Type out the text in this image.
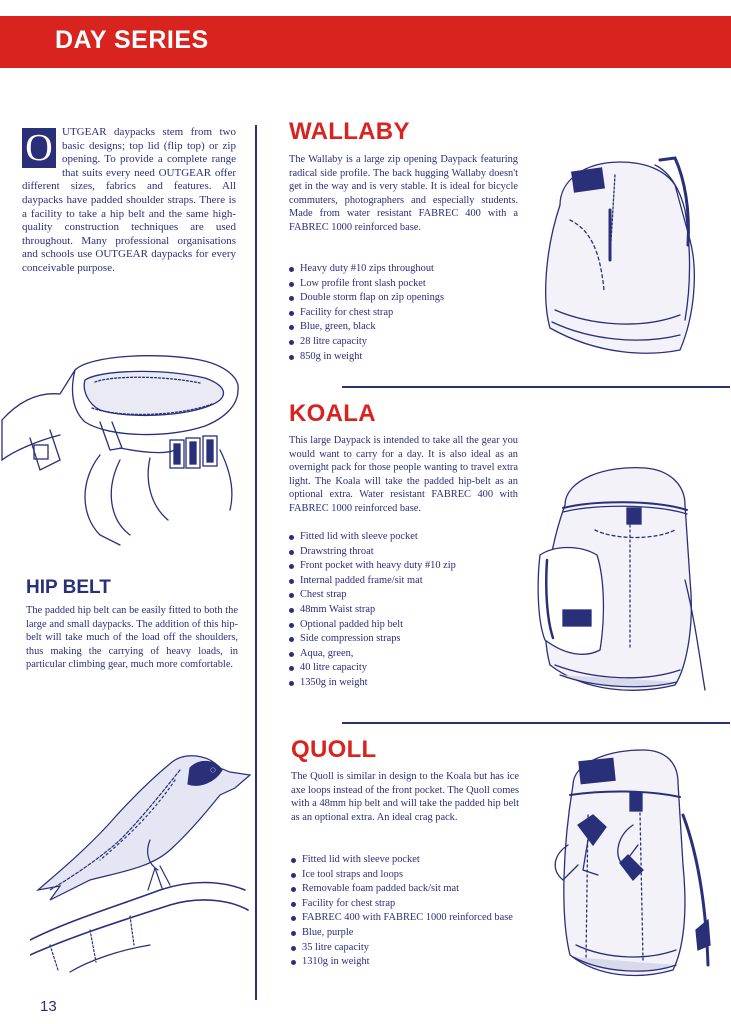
DAY SERIES
O UTGEAR daypacks stem from two basic designs; top lid (flip top) or zip opening. To provide a complete range that suits every need OUTGEAR offer different sizes, fabrics and features. All daypacks have padded shoulder straps. There is a facility to take a hip belt and the same high-quality construction techniques are used throughout. Many professional organisations and schools use OUTGEAR daypacks for every conceivable purpose.
HIP BELT
The padded hip belt can be easily fitted to both the large and small daypacks. The addition of this hip-belt will take much of the load off the shoulders, thus making the carrying of heavy loads, in particular climbing gear, much more comfortable.
WALLABY
The Wallaby is a large zip opening Daypack featuring radical side profile. The back hugging Wallaby doesn't get in the way and is very stable. It is ideal for bicycle commuters, photographers and especially students. Made from water resistant FABREC 400 with a FABREC 1000 reinforced base.
Heavy duty #10 zips throughout
Low profile front slash pocket
Double storm flap on zip openings
Facility for chest strap
Blue, green, black
28 litre capacity
850g in weight
KOALA
This large Daypack is intended to take all the gear you would want to carry for a day. It is also ideal as an overnight pack for those people wanting to travel extra light. The Koala will take the padded hip-belt as an optional extra. Water resistant FABREC 400 with FABREC 1000 reinforced base.
Fitted lid with sleeve pocket
Drawstring throat
Front pocket with heavy duty #10 zip
Internal padded frame/sit mat
Chest strap
48mm Waist strap
Optional padded hip belt
Side compression straps
Aqua, green,
40 litre capacity
1350g in weight
QUOLL
The Quoll is similar in design to the Koala but has ice axe loops instead of the front pocket. The Quoll comes with a 48mm hip belt and will take the padded hip belt as an optional extra. An ideal crag pack.
Fitted lid with sleeve pocket
Ice tool straps and loops
Removable foam padded back/sit mat
Facility for chest strap
FABREC 400 with FABREC 1000 reinforced base
Blue, purple
35 litre capacity
1310g in weight
13
